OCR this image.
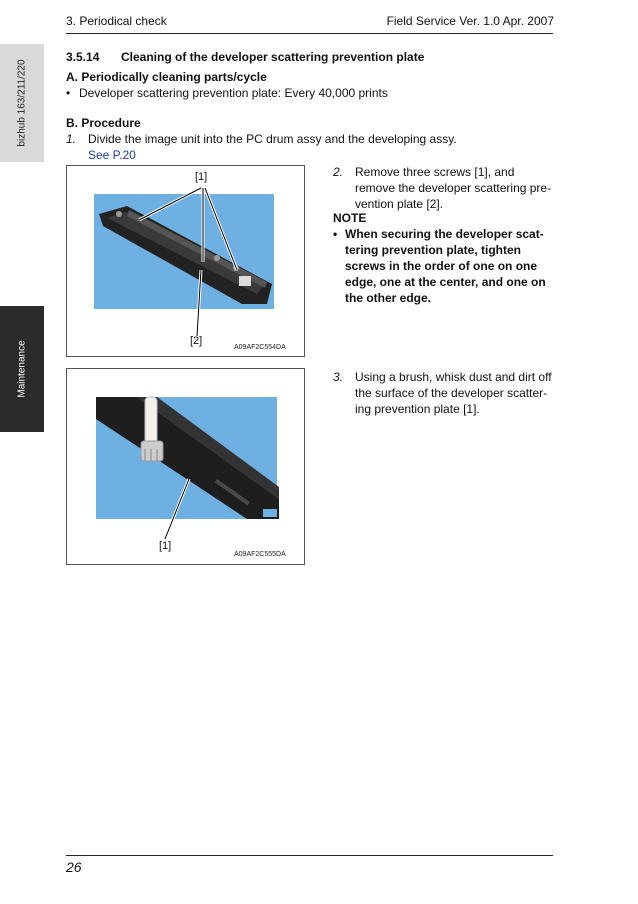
3. Periodical check	Field Service Ver. 1.0 Apr. 2007
bizhub 163/211/220
Maintenance
3.5.14 Cleaning of the developer scattering prevention plate
A. Periodically cleaning parts/cycle
• Developer scattering prevention plate: Every 40,000 prints
B. Procedure
1. Divide the image unit into the PC drum assy and the developing assy.
See P.20
[1]
[2]
A09AF2C554DA
2. Remove three screws [1], and
remove the developer scattering pre-
vention plate [2].
NOTE
• When securing the developer scat-
tering prevention plate, tighten
screws in the order of one on one
edge, one at the center, and one on
the other edge.
[1]
A09AF2C555DA
3. Using a brush, whisk dust and dirt off
the surface of the developer scatter-
ing prevention plate [1].
26
